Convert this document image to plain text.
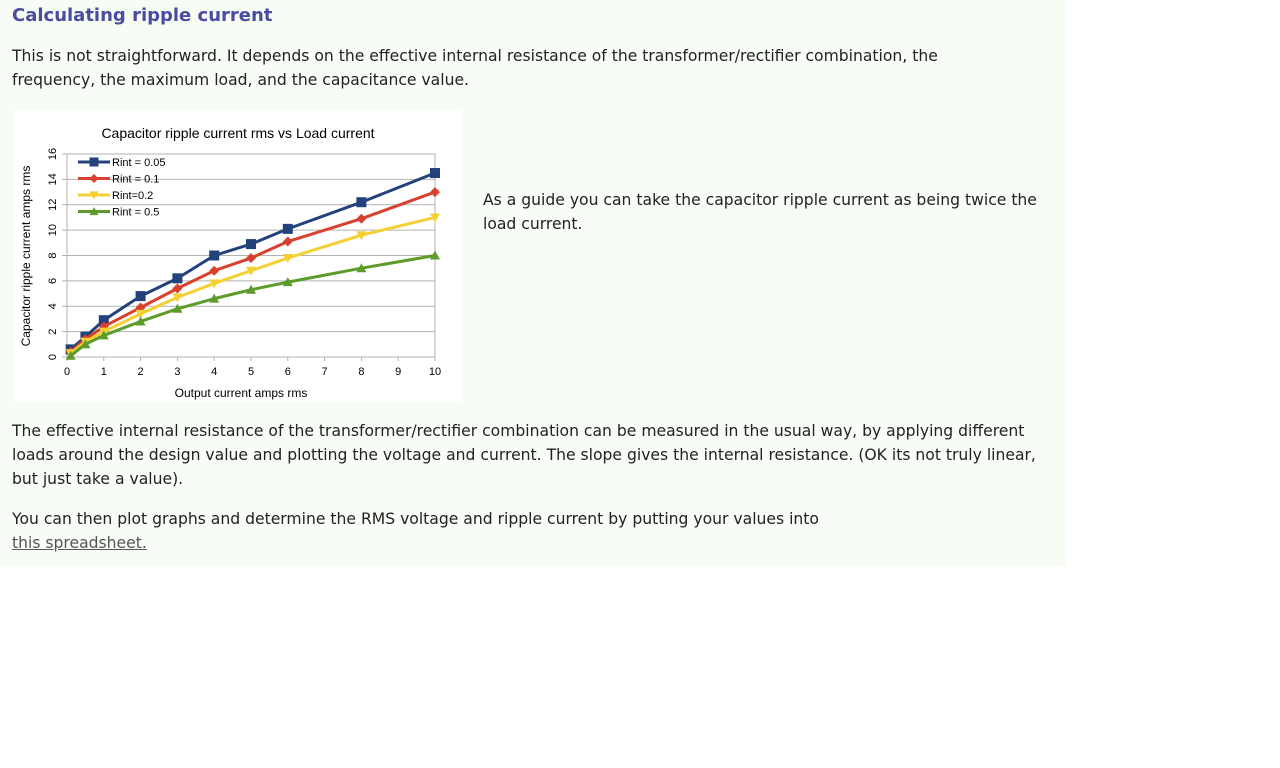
Calculating ripple current

This is not straightforward. It depends on the effective internal resistance of the transformer/rectifier combination, the frequency, the maximum load, and the capacitance value.

0
2
4
6
8
10
12
14
16
0	1	2	3	4	5	6	7	8	9	10
Rint = 0.05
Rint = 0.1
Rint=0.2
Rint = 0.5
Capacitor ripple current rms vs Load current
Output current amps rms
Capacitor ripple current amps rms	As a guide you can take the capacitor ripple current as being twice the load current.

The effective internal resistance of the transformer/rectifier combination can be measured in the usual way, by applying different loads around the design value and plotting the voltage and current. The slope gives the internal resistance. (OK its not truly linear, but just take a value).

You can then plot graphs and determine the RMS voltage and ripple current by putting your values into
this spreadsheet.
